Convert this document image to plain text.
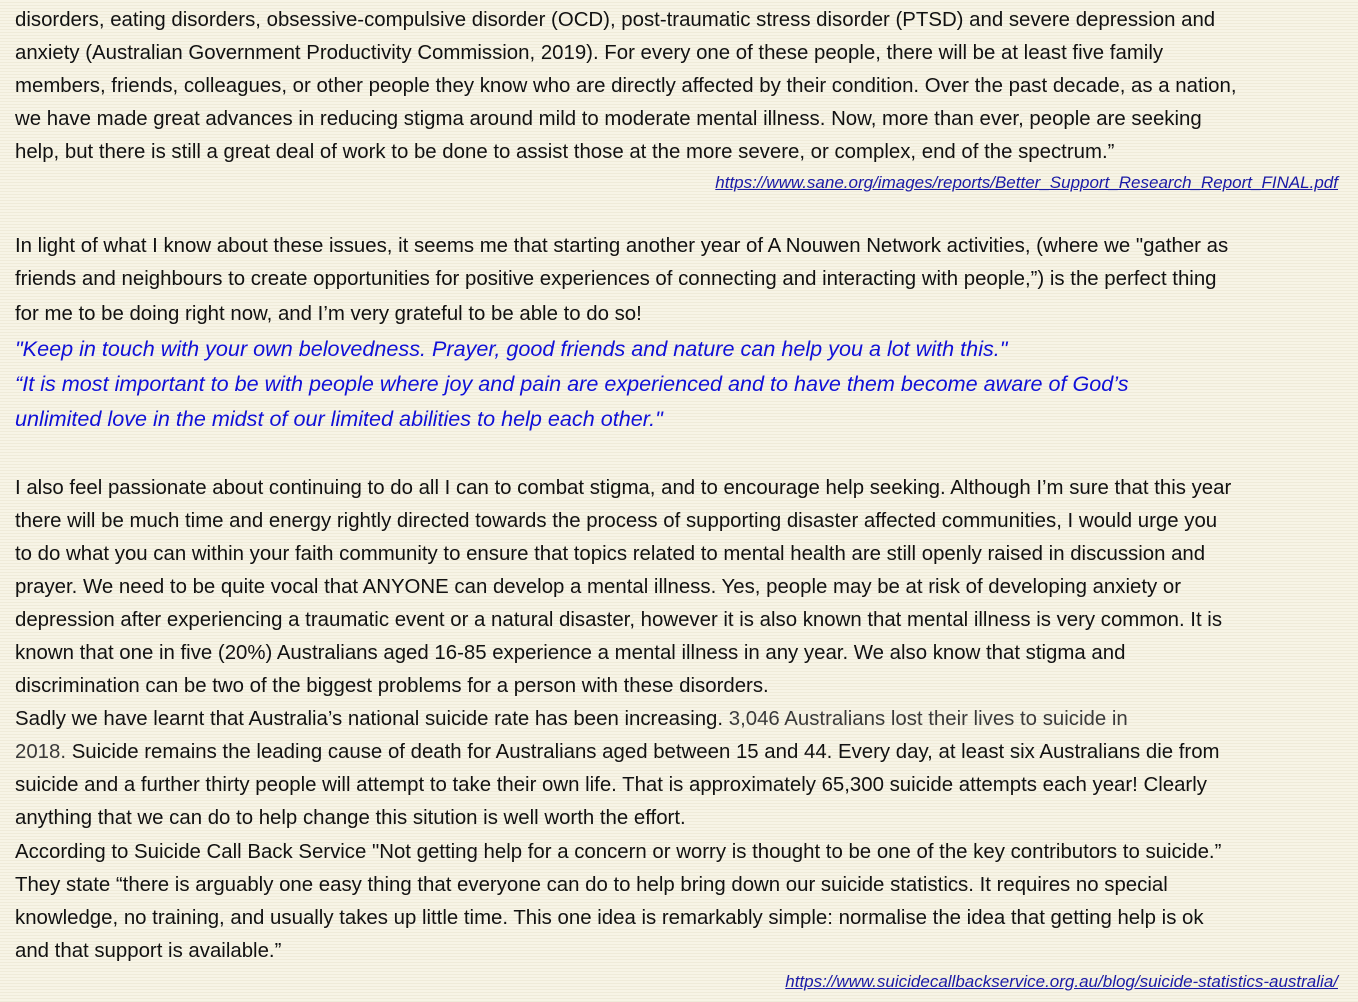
disorders, eating disorders, obsessive-compulsive disorder (OCD), post-traumatic stress disorder (PTSD) and severe depression and
anxiety (Australian Government Productivity Commission, 2019). For every one of these people, there will be at least five family
members, friends, colleagues, or other people they know who are directly affected by their condition. Over the past decade, as a nation,
we have made great advances in reducing stigma around mild to moderate mental illness. Now, more than ever, people are seeking
help, but there is still a great deal of work to be done to assist those at the more severe, or complex, end of the spectrum.”
https://www.sane.org/images/reports/Better_Support_Research_Report_FINAL.pdf
In light of what I know about these issues, it seems me that starting another year of A Nouwen Network activities, (where we "gather as
friends and neighbours to create opportunities for positive experiences of connecting and interacting with people,”) is the perfect thing
for me to be doing right now, and I’m very grateful to be able to do so!
"Keep in touch with your own belovedness. Prayer, good friends and nature can help you a lot with this."
“It is most important to be with people where joy and pain are experienced and to have them become aware of God’s
unlimited love in the midst of our limited abilities to help each other."
I also feel passionate about continuing to do all I can to combat stigma, and to encourage help seeking. Although I’m sure that this year
there will be much time and energy rightly directed towards the process of supporting disaster affected communities, I would urge you
to do what you can within your faith community to ensure that topics related to mental health are still openly raised in discussion and
prayer. We need to be quite vocal that ANYONE can develop a mental illness. Yes, people may be at risk of developing anxiety or
depression after experiencing a traumatic event or a natural disaster, however it is also known that mental illness is very common. It is
known that one in five (20%) Australians aged 16-85 experience a mental illness in any year. We also know that stigma and
discrimination can be two of the biggest problems for a person with these disorders.
Sadly we have learnt that Australia’s national suicide rate has been increasing. 3,046 Australians lost their lives to suicide in
2018. Suicide remains the leading cause of death for Australians aged between 15 and 44. Every day, at least six Australians die from
suicide and a further thirty people will attempt to take their own life. That is approximately 65,300 suicide attempts each year! Clearly
anything that we can do to help change this sitution is well worth the effort.
According to Suicide Call Back Service "Not getting help for a concern or worry is thought to be one of the key contributors to suicide.”
They state “there is arguably one easy thing that everyone can do to help bring down our suicide statistics. It requires no special
knowledge, no training, and usually takes up little time. This one idea is remarkably simple: normalise the idea that getting help is ok
and that support is available.”
https://www.suicidecallbackservice.org.au/blog/suicide-statistics-australia/
